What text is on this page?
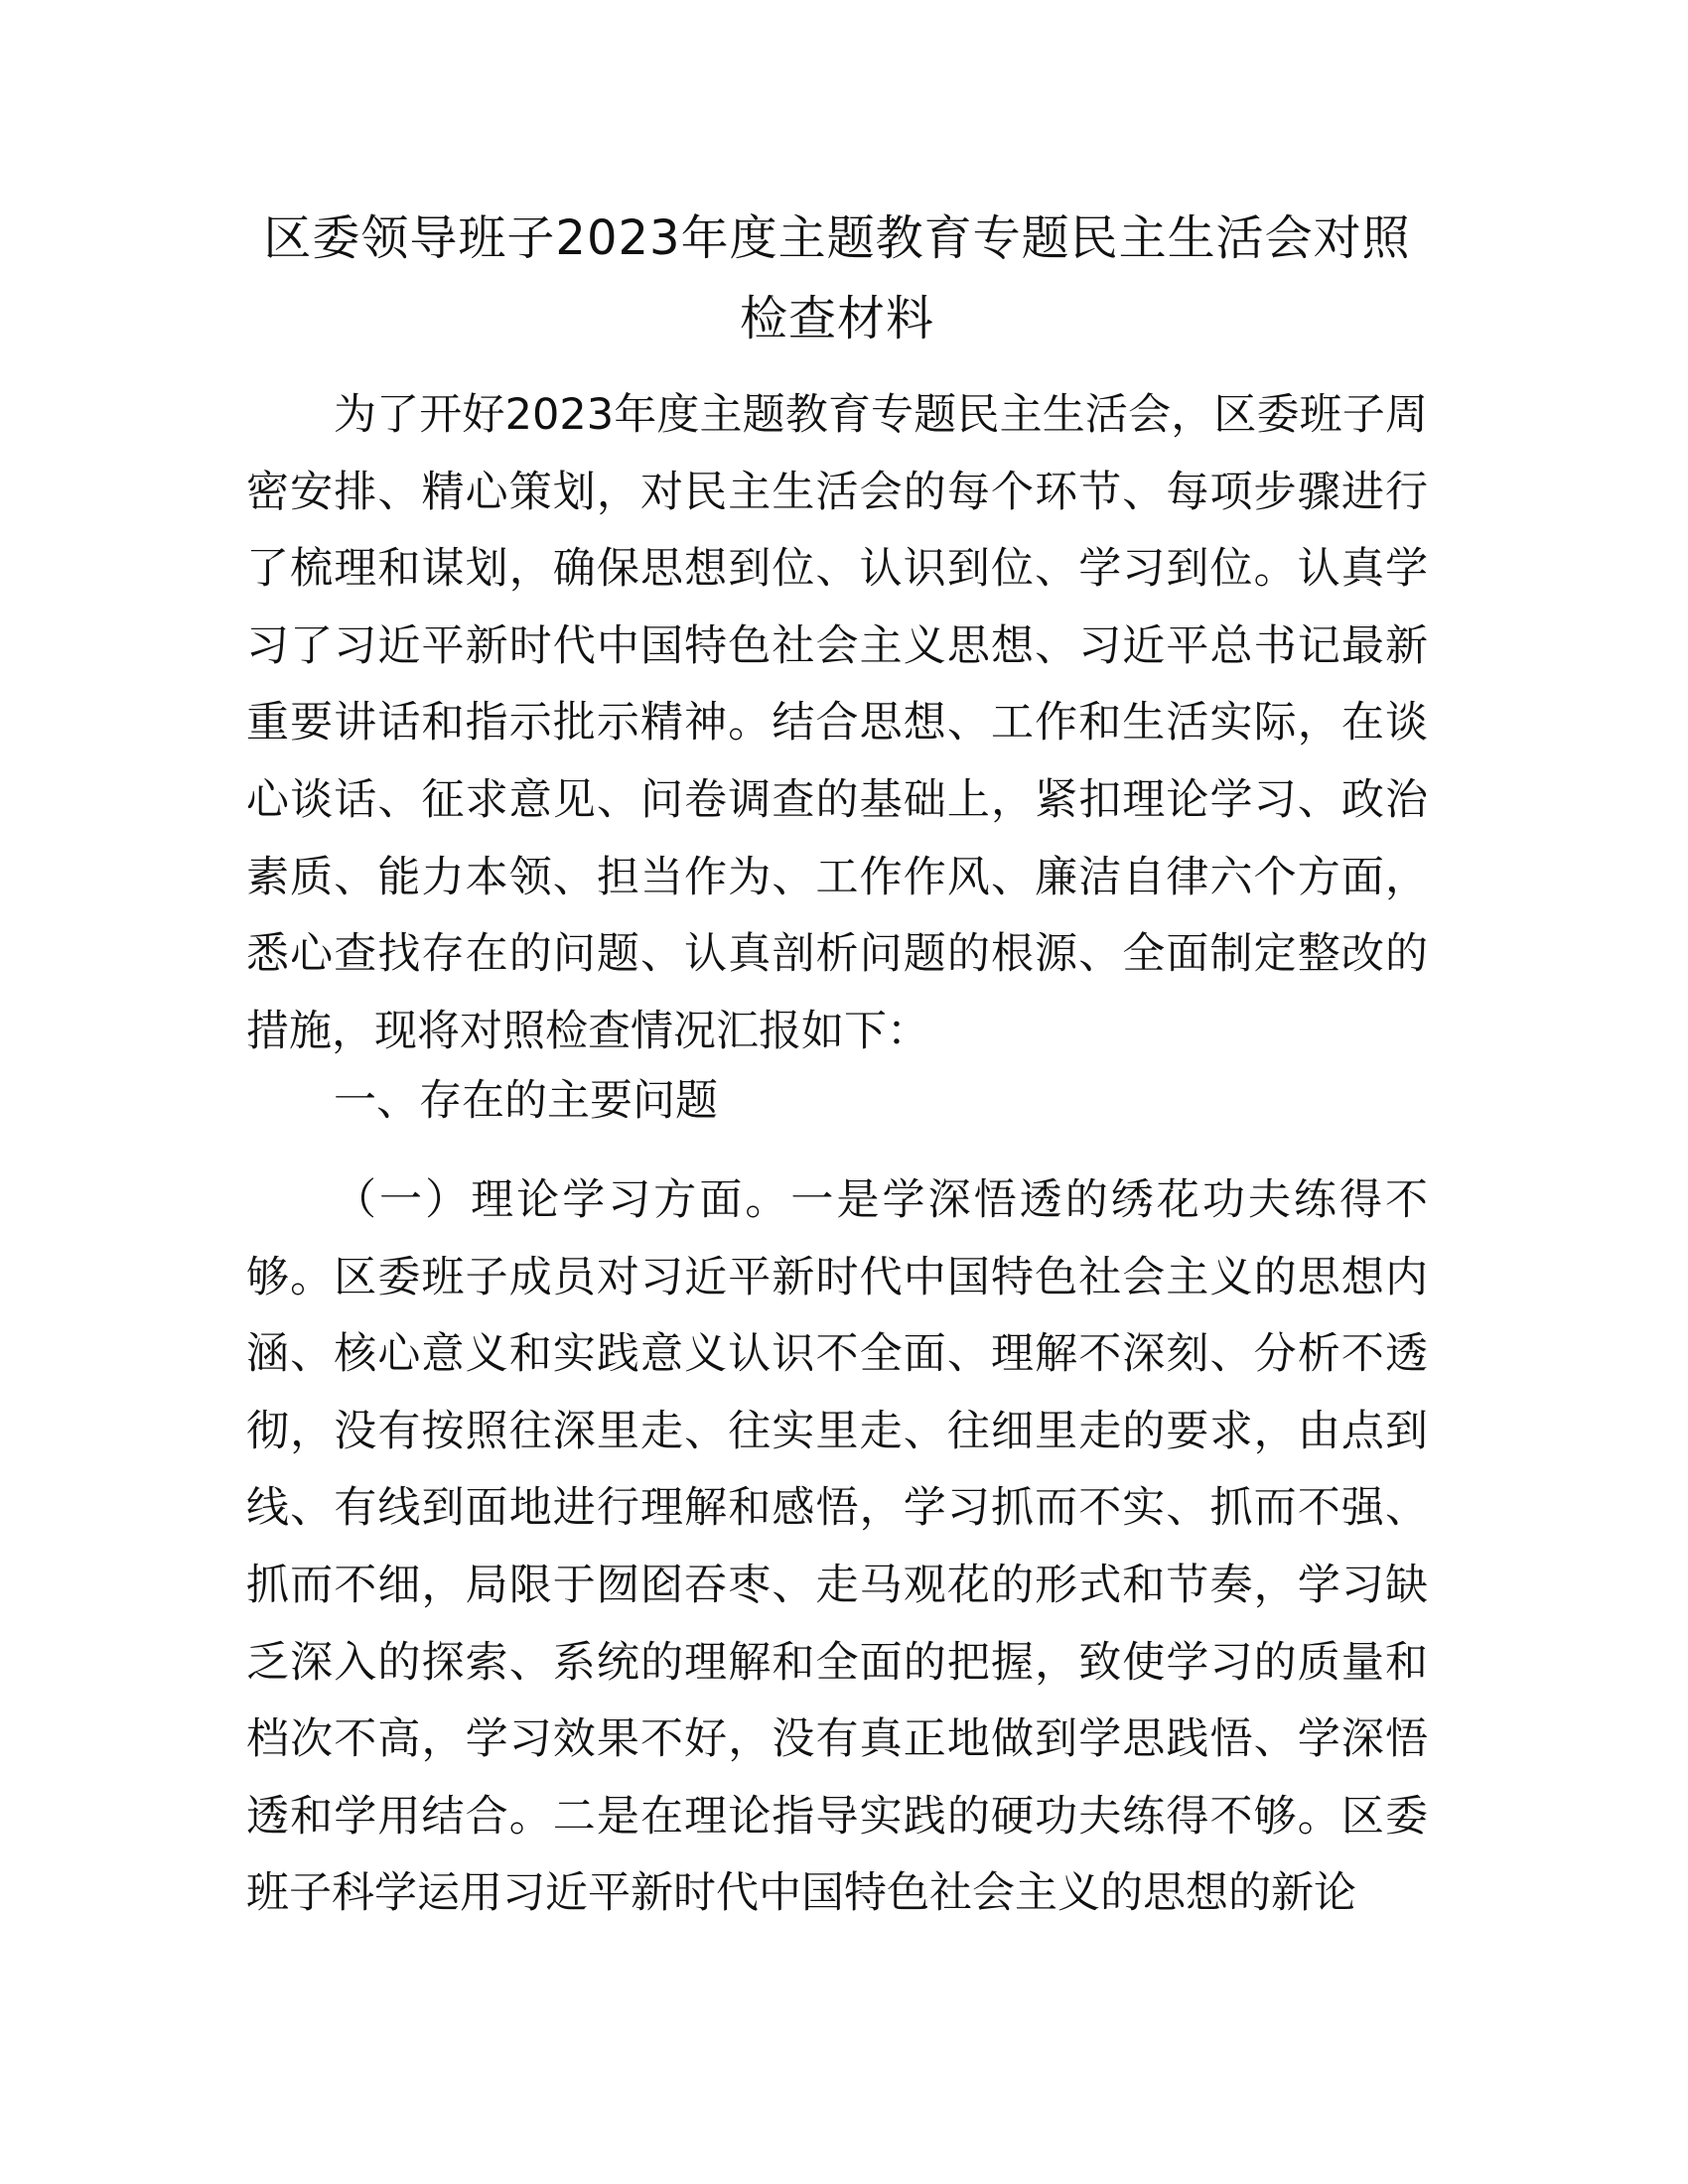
区委领导班子2023年度主题教育专题民主生活会对照检查材料

为了开好2023年度主题教育专题民主生活会，区委班子周密安排、精心策划，对民主生活会的每个环节、每项步骤进行了梳理和谋划，确保思想到位、认识到位、学习到位。认真学习了习近平新时代中国特色社会主义思想、习近平总书记最新重要讲话和指示批示精神。结合思想、工作和生活实际，在谈心谈话、征求意见、问卷调查的基础上，紧扣理论学习、政治素质、能力本领、担当作为、工作作风、廉洁自律六个方面，悉心查找存在的问题、认真剖析问题的根源、全面制定整改的措施，现将对照检查情况汇报如下：

一、存在的主要问题

（一）理论学习方面。一是学深悟透的绣花功夫练得不够。区委班子成员对习近平新时代中国特色社会主义的思想内涵、核心意义和实践意义认识不全面、理解不深刻、分析不透彻，没有按照往深里走、往实里走、往细里走的要求，由点到线、有线到面地进行理解和感悟，学习抓而不实、抓而不强、抓而不细，局限于囫囵吞枣、走马观花的形式和节奏，学习缺乏深入的探索、系统的理解和全面的把握，致使学习的质量和档次不高，学习效果不好，没有真正地做到学思践悟、学深悟透和学用结合。二是在理论指导实践的硬功夫练得不够。区委班子科学运用习近平新时代中国特色社会主义的思想的新论
